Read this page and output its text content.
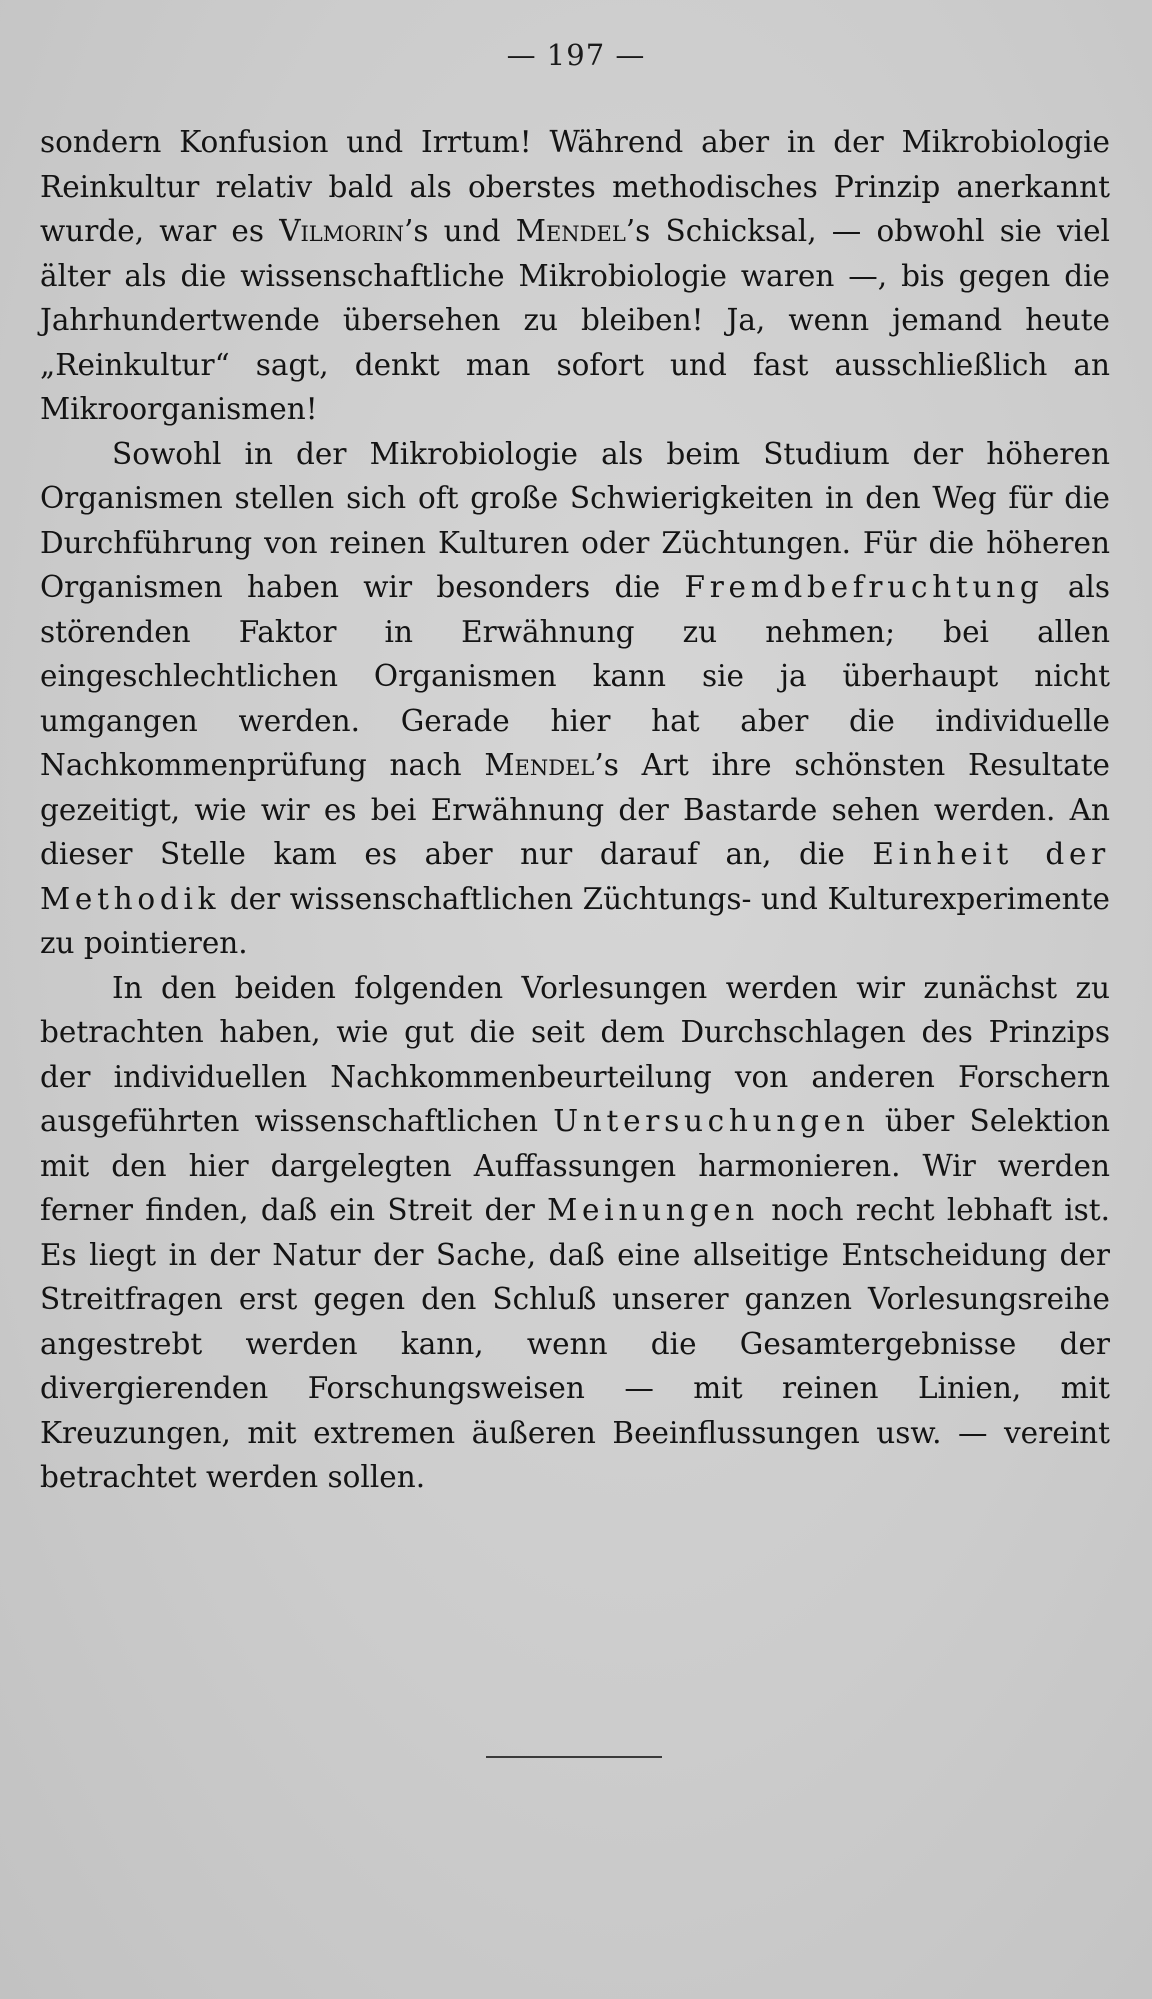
— 197 —

sondern Konfusion und Irrtum! Während aber in der Mikrobiologie Reinkultur relativ bald als oberstes methodisches Prinzip anerkannt wurde, war es Vilmorin’s und Mendel’s Schicksal, — obwohl sie viel älter als die wissenschaftliche Mikrobiologie waren —, bis gegen die Jahrhundertwende übersehen zu bleiben! Ja, wenn jemand heute „Reinkultur“ sagt, denkt man sofort und fast ausschließlich an Mikroorganismen!

Sowohl in der Mikrobiologie als beim Studium der höheren Organismen stellen sich oft große Schwierigkeiten in den Weg für die Durchführung von reinen Kulturen oder Züchtungen. Für die höheren Organismen haben wir besonders die Fremdbefruchtung als störenden Faktor in Erwähnung zu nehmen; bei allen eingeschlechtlichen Organismen kann sie ja überhaupt nicht umgangen werden. Gerade hier hat aber die individuelle Nachkommenprüfung nach Mendel’s Art ihre schönsten Resultate gezeitigt, wie wir es bei Erwähnung der Bastarde sehen werden. An dieser Stelle kam es aber nur darauf an, die Einheit der Methodik der wissenschaftlichen Züchtungs- und Kulturexperimente zu pointieren.

In den beiden folgenden Vorlesungen werden wir zunächst zu betrachten haben, wie gut die seit dem Durchschlagen des Prinzips der individuellen Nachkommenbeurteilung von anderen Forschern ausgeführten wissenschaftlichen Untersuchungen über Selektion mit den hier dargelegten Auffassungen harmonieren. Wir werden ferner finden, daß ein Streit der Meinungen noch recht lebhaft ist. Es liegt in der Natur der Sache, daß eine allseitige Entscheidung der Streitfragen erst gegen den Schluß unserer ganzen Vorlesungsreihe angestrebt werden kann, wenn die Gesamtergebnisse der divergierenden Forschungsweisen — mit reinen Linien, mit Kreuzungen, mit extremen äußeren Beeinflussungen usw. — vereint betrachtet werden sollen.
